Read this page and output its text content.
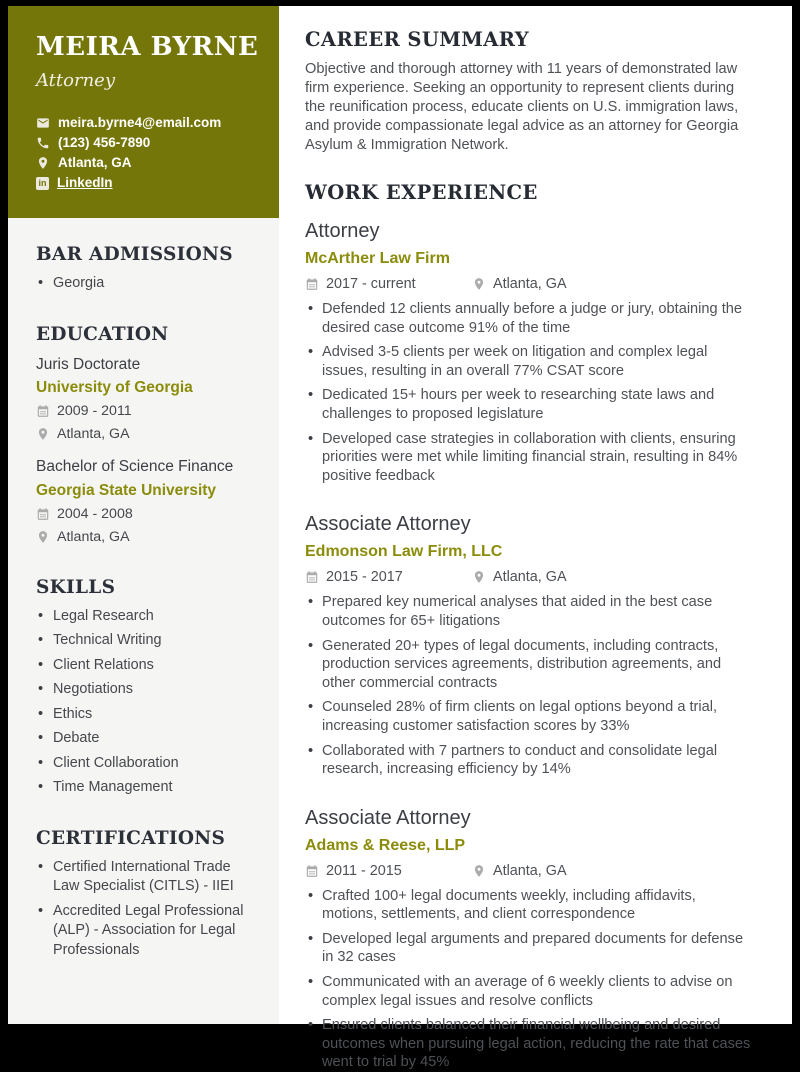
MEIRA BYRNE
Attorney
meira.byrne4@email.com
(123) 456-7890
Atlanta, GA
in LinkedIn
BAR ADMISSIONS
• Georgia
EDUCATION
Juris Doctorate
University of Georgia
2009 - 2011
Atlanta, GA
Bachelor of Science Finance
Georgia State University
2004 - 2008
Atlanta, GA
SKILLS
• Legal Research
• Technical Writing
• Client Relations
• Negotiations
• Ethics
• Debate
• Client Collaboration
• Time Management
CERTIFICATIONS
• Certified International Trade Law Specialist (CITLS) - IIEI
• Accredited Legal Professional (ALP) - Association for Legal Professionals
CAREER SUMMARY

Objective and thorough attorney with 11 years of demonstrated law firm experience. Seeking an opportunity to represent clients during the reunification process, educate clients on U.S. immigration laws, and provide compassionate legal advice as an attorney for Georgia Asylum & Immigration Network.

WORK EXPERIENCE
Attorney
McArther Law Firm
2017 - current	Atlanta, GA
• Defended 12 clients annually before a judge or jury, obtaining the desired case outcome 91% of the time
• Advised 3-5 clients per week on litigation and complex legal issues, resulting in an overall 77% CSAT score
• Dedicated 15+ hours per week to researching state laws and challenges to proposed legislature
• Developed case strategies in collaboration with clients, ensuring priorities were met while limiting financial strain, resulting in 84% positive feedback
Associate Attorney
Edmonson Law Firm, LLC
2015 - 2017	Atlanta, GA
• Prepared key numerical analyses that aided in the best case outcomes for 65+ litigations
• Generated 20+ types of legal documents, including contracts, production services agreements, distribution agreements, and other commercial contracts
• Counseled 28% of firm clients on legal options beyond a trial, increasing customer satisfaction scores by 33%
• Collaborated with 7 partners to conduct and consolidate legal research, increasing efficiency by 14%
Associate Attorney
Adams & Reese, LLP
2011 - 2015	Atlanta, GA
• Crafted 100+ legal documents weekly, including affidavits, motions, settlements, and client correspondence
• Developed legal arguments and prepared documents for defense in 32 cases
• Communicated with an average of 6 weekly clients to advise on complex legal issues and resolve conflicts
• Ensured clients balanced their financial wellbeing and desired outcomes when pursuing legal action, reducing the rate that cases went to trial by 45%
